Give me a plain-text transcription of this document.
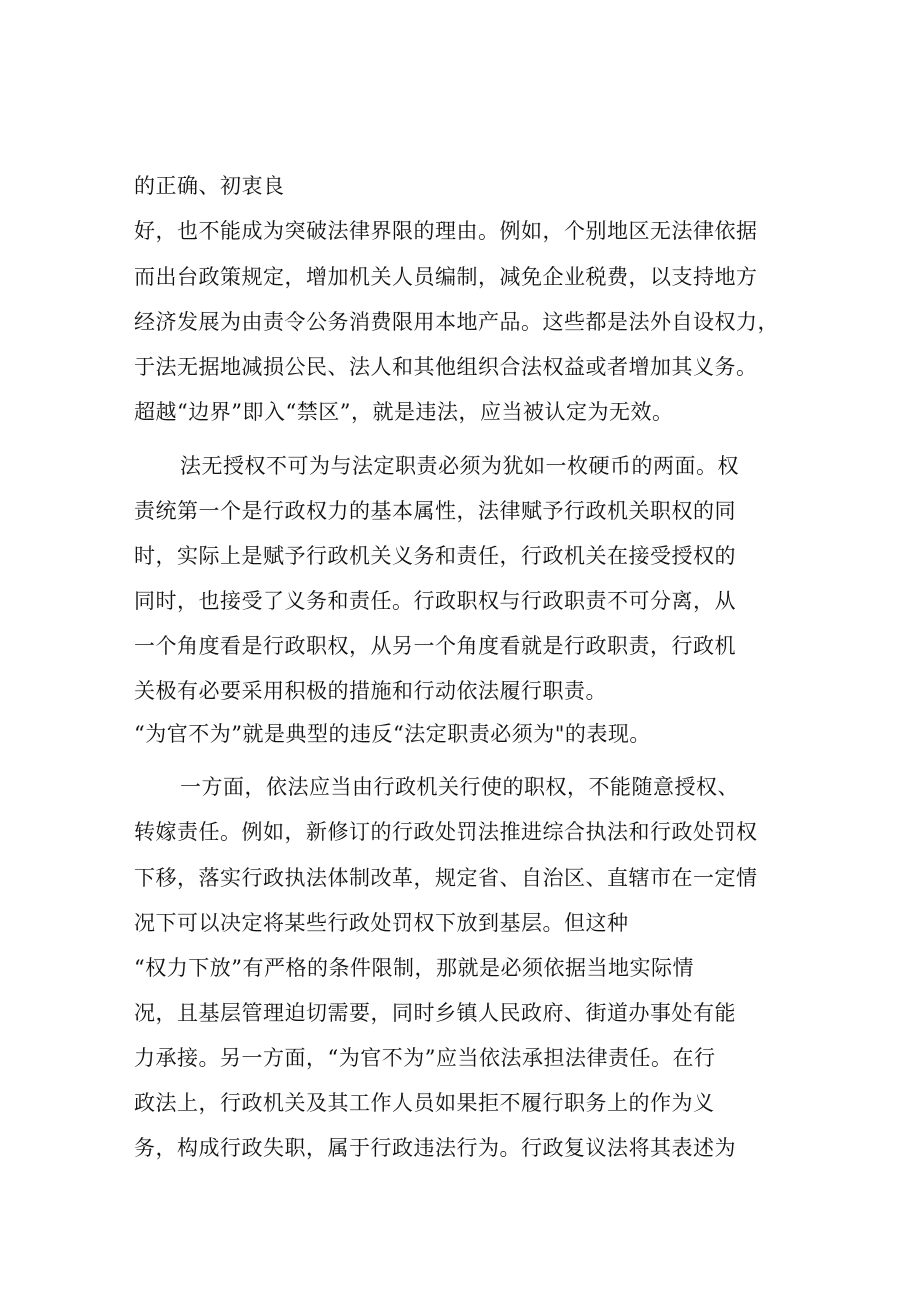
的正确、初衷良
好，也不能成为突破法律界限的理由。例如，个别地区无法律依据
而出台政策规定，增加机关人员编制，减免企业税费，以支持地方
经济发展为由责令公务消费限用本地产品。这些都是法外自设权力，
于法无据地减损公民、法人和其他组织合法权益或者增加其义务。
超越“边界”即入“禁区”，就是违法，应当被认定为无效。
法无授权不可为与法定职责必须为犹如一枚硬币的两面。权
责统第一个是行政权力的基本属性，法律赋予行政机关职权的同
时，实际上是赋予行政机关义务和责任，行政机关在接受授权的
同时，也接受了义务和责任。行政职权与行政职责不可分离，从
一个角度看是行政职权，从另一个角度看就是行政职责，行政机
关极有必要采用积极的措施和行动依法履行职责。
“为官不为”就是典型的违反“法定职责必须为"的表现。
一方面，依法应当由行政机关行使的职权，不能随意授权、
转嫁责任。例如，新修订的行政处罚法推进综合执法和行政处罚权
下移，落实行政执法体制改革，规定省、自治区、直辖市在一定情
况下可以决定将某些行政处罚权下放到基层。但这种
“权力下放”有严格的条件限制，那就是必须依据当地实际情
况，且基层管理迫切需要，同时乡镇人民政府、街道办事处有能
力承接。另一方面，“为官不为”应当依法承担法律责任。在行
政法上，行政机关及其工作人员如果拒不履行职务上的作为义
务，构成行政失职，属于行政违法行为。行政复议法将其表述为
